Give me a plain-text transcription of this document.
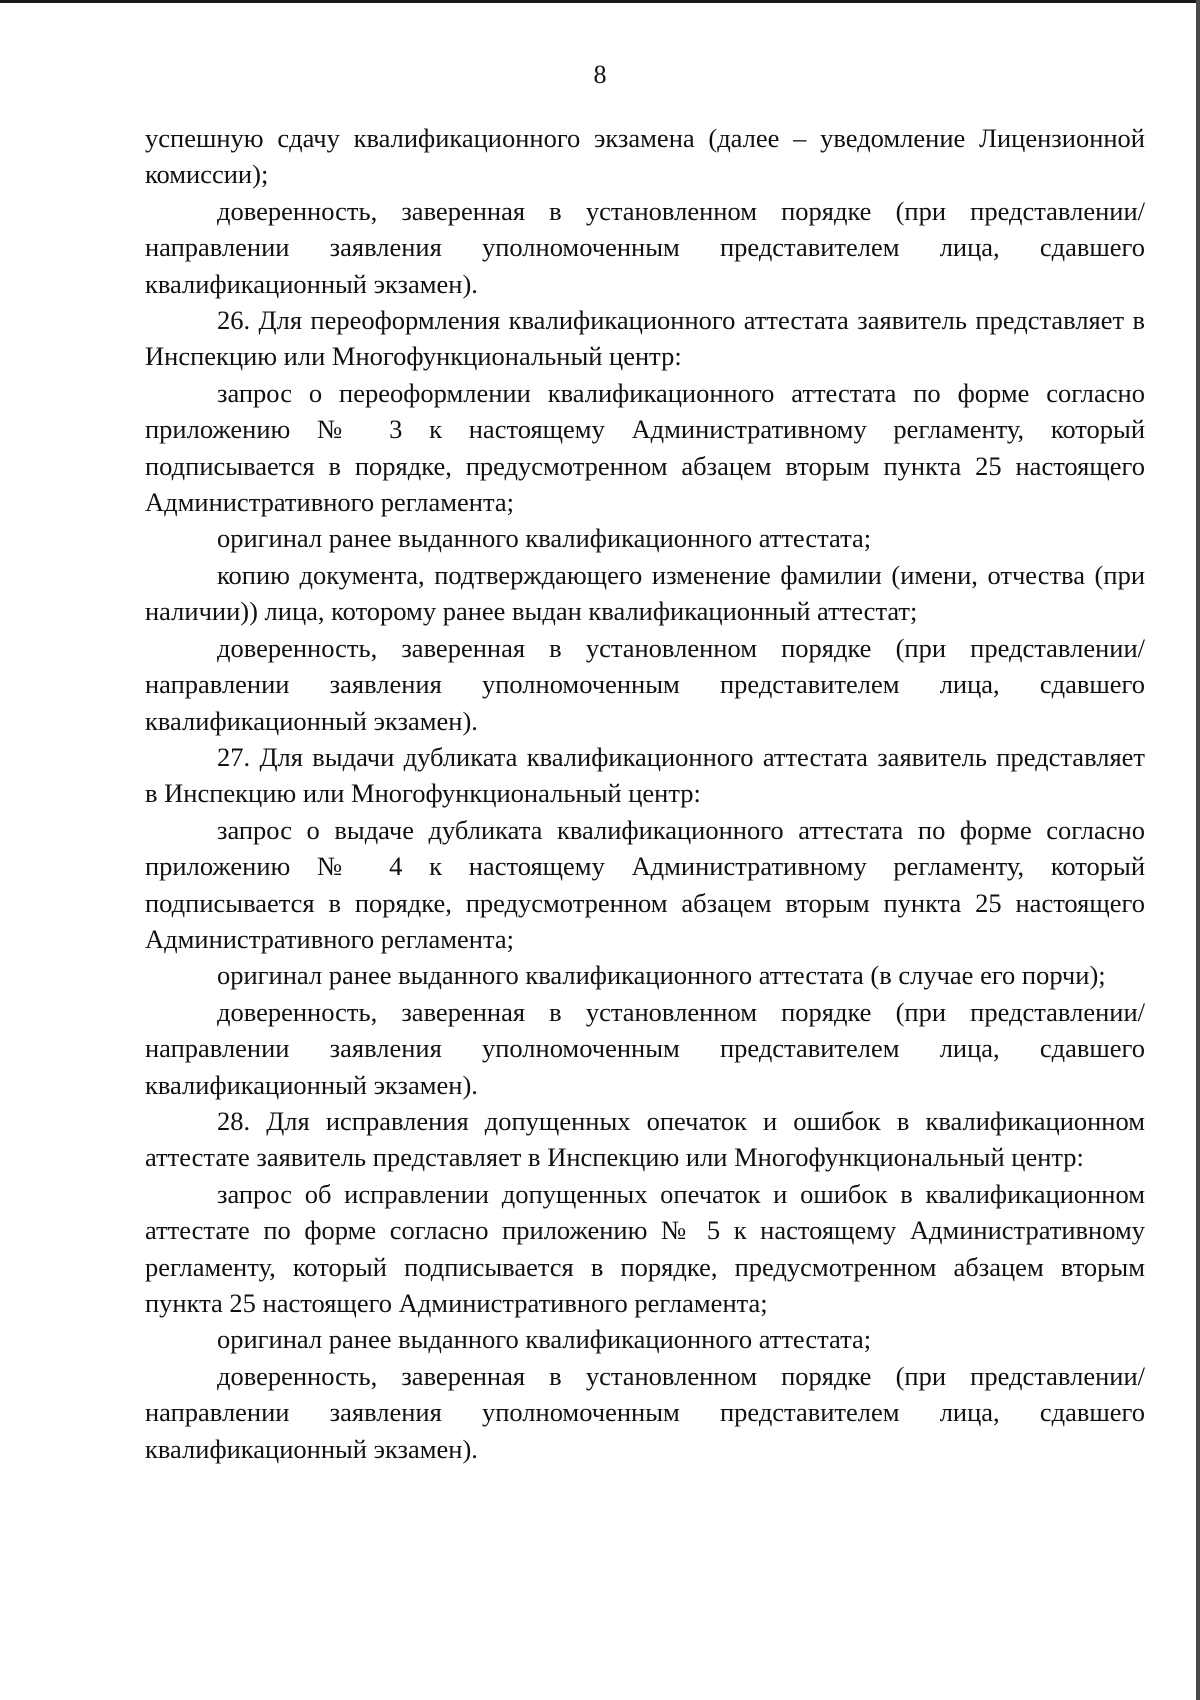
8

успешную сдачу квалификационного экзамена (далее – уведомление Лицензионной комиссии);

доверенность, заверенная в установленном порядке (при представлении/направлении заявления уполномоченным представителем лица, сдавшего квалификационный экзамен).

26. Для переоформления квалификационного аттестата заявитель представляет в Инспекцию или Многофункциональный центр:

запрос о переоформлении квалификационного аттестата по форме согласно приложению № 3 к настоящему Административному регламенту, который подписывается в порядке, предусмотренном абзацем вторым пункта 25 настоящего Административного регламента;

оригинал ранее выданного квалификационного аттестата;

копию документа, подтверждающего изменение фамилии (имени, отчества (при наличии)) лица, которому ранее выдан квалификационный аттестат;

доверенность, заверенная в установленном порядке (при представлении/направлении заявления уполномоченным представителем лица, сдавшего квалификационный экзамен).

27. Для выдачи дубликата квалификационного аттестата заявитель представляет в Инспекцию или Многофункциональный центр:

запрос о выдаче дубликата квалификационного аттестата по форме согласно приложению № 4 к настоящему Административному регламенту, который подписывается в порядке, предусмотренном абзацем вторым пункта 25 настоящего Административного регламента;

оригинал ранее выданного квалификационного аттестата (в случае его порчи);

доверенность, заверенная в установленном порядке (при представлении/направлении заявления уполномоченным представителем лица, сдавшего квалификационный экзамен).

28. Для исправления допущенных опечаток и ошибок в квалификационном аттестате заявитель представляет в Инспекцию или Многофункциональный центр:

запрос об исправлении допущенных опечаток и ошибок в квалификационном аттестате по форме согласно приложению № 5 к настоящему Административному регламенту, который подписывается в порядке, предусмотренном абзацем вторым пункта 25 настоящего Административного регламента;

оригинал ранее выданного квалификационного аттестата;

доверенность, заверенная в установленном порядке (при представлении/направлении заявления уполномоченным представителем лица, сдавшего квалификационный экзамен).
